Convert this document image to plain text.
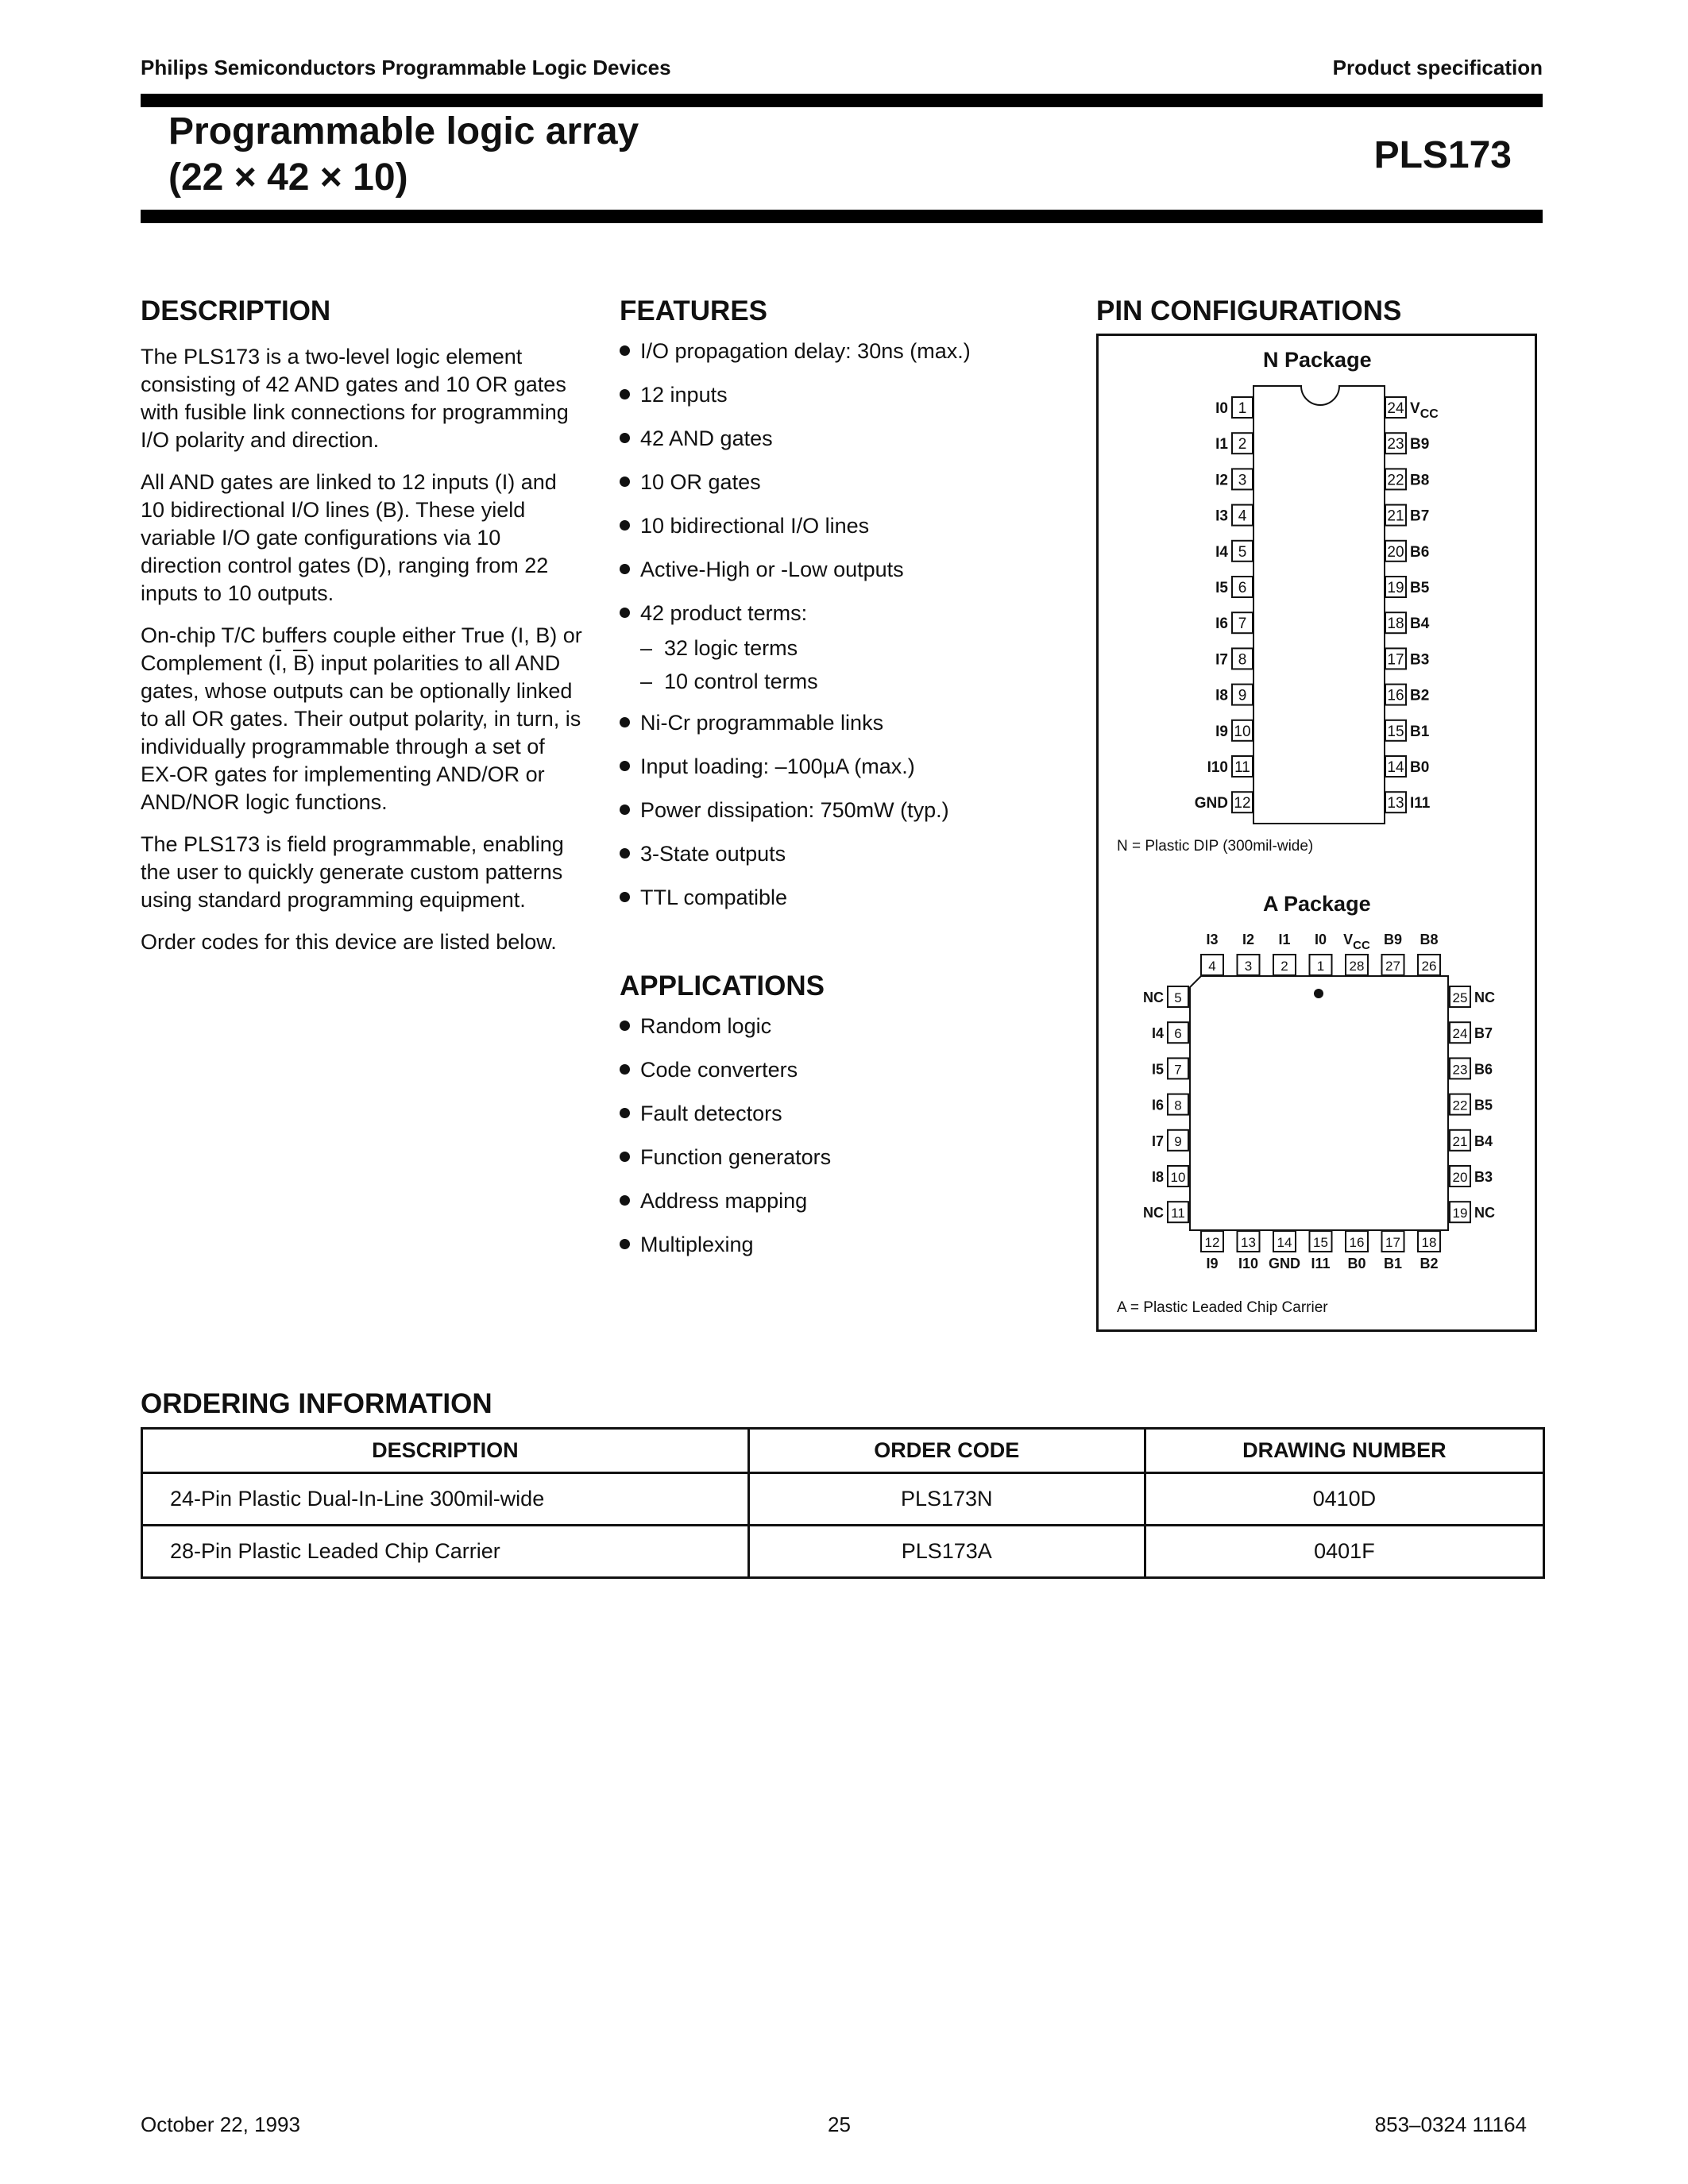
Philips Semiconductors Programmable Logic Devices	Product specification
Programmable logic array
(22 × 42 × 10)
PLS173
DESCRIPTION

The PLS173 is a two-level logic element consisting of 42 AND gates and 10 OR gates with fusible link connections for programming I/O polarity and direction.

All AND gates are linked to 12 inputs (I) and 10 bidirectional I/O lines (B). These yield variable I/O gate configurations via 10 direction control gates (D), ranging from 22 inputs to 10 outputs.

On-chip T/C buffers couple either True (I, B) or Complement ($\overline{I}$, $\overline{B}$) input polarities to all AND gates, whose outputs can be optionally linked to all OR gates. Their output polarity, in turn, is individually programmable through a set of EX-OR gates for implementing AND/OR or AND/NOR logic functions.

The PLS173 is field programmable, enabling the user to quickly generate custom patterns using standard programming equipment.

Order codes for this device are listed below.

FEATURES
I/O propagation delay: 30ns (max.)
12 inputs
42 AND gates
10 OR gates
10 bidirectional I/O lines
Active-High or -Low outputs
42 product terms:
– 32 logic terms
– 10 control terms
Ni-Cr programmable links
Input loading: –100µA (max.)
Power dissipation: 750mW (typ.)
3-State outputs
TTL compatible
APPLICATIONS
Random logic
Code converters
Fault detectors
Function generators
Address mapping
Multiplexing
PIN CONFIGURATIONS
N Package
1
I0
2
I1
3
I2
4
I3
5
I4
6
I5
7
I6
8
I7
9
I8
10
I9
11
I10
12
GND
24 $V_{CC}$
23 B9
22 B8
21 B7
20 B6
19 B5
18 B4
17 B3
16 B2
15 B1
14 B0
13 I11
4
I3
3
I2
2
I1
1
I0
28
$V_{CC}$
27
B9
26
B8
12
I9
13
I10
14
GND
15
I11
16
B0
17
B1
18
B2
5
NC
6
I4
7
I5
8
I6
9
I7
10
I8
11
NC
25 NC
24 B7
23 B6
22 B5
21 B4
20 B3
19 NC
N = Plastic DIP (300mil-wide)
A Package
A = Plastic Leaded Chip Carrier
ORDERING INFORMATION
DESCRIPTION	ORDER CODE	DRAWING NUMBER
24-Pin Plastic Dual-In-Line 300mil-wide	PLS173N	0410D
28-Pin Plastic Leaded Chip Carrier	PLS173A	0401F
October 22, 1993	25	853–0324 11164
